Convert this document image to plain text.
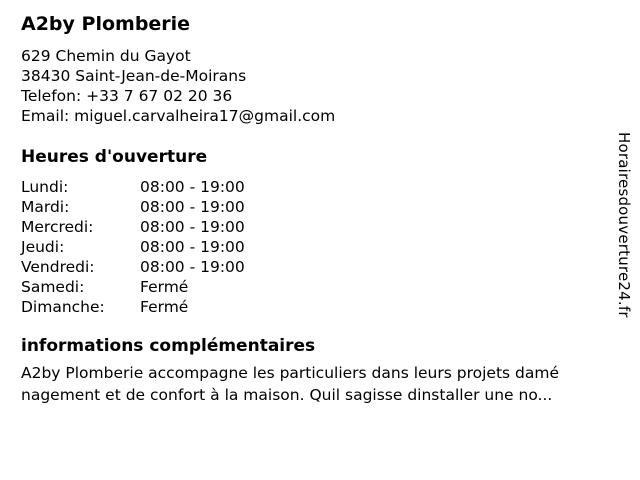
A2by Plomberie
629 Chemin du Gayot
38430 Saint-Jean-de-Moirans
Telefon: +33 7 67 02 20 36
Email: miguel.carvalheira17@gmail.com
Heures d'ouverture
Lundi:	08:00 - 19:00
Mardi:	08:00 - 19:00
Mercredi:	08:00 - 19:00
Jeudi:	08:00 - 19:00
Vendredi:	08:00 - 19:00
Samedi:	Fermé
Dimanche:	Fermé
informations complémentaires
A2by Plomberie accompagne les particuliers dans leurs projets damé
nagement et de confort à la maison. Quil sagisse dinstaller une no...
Horairesdouverture24.fr
